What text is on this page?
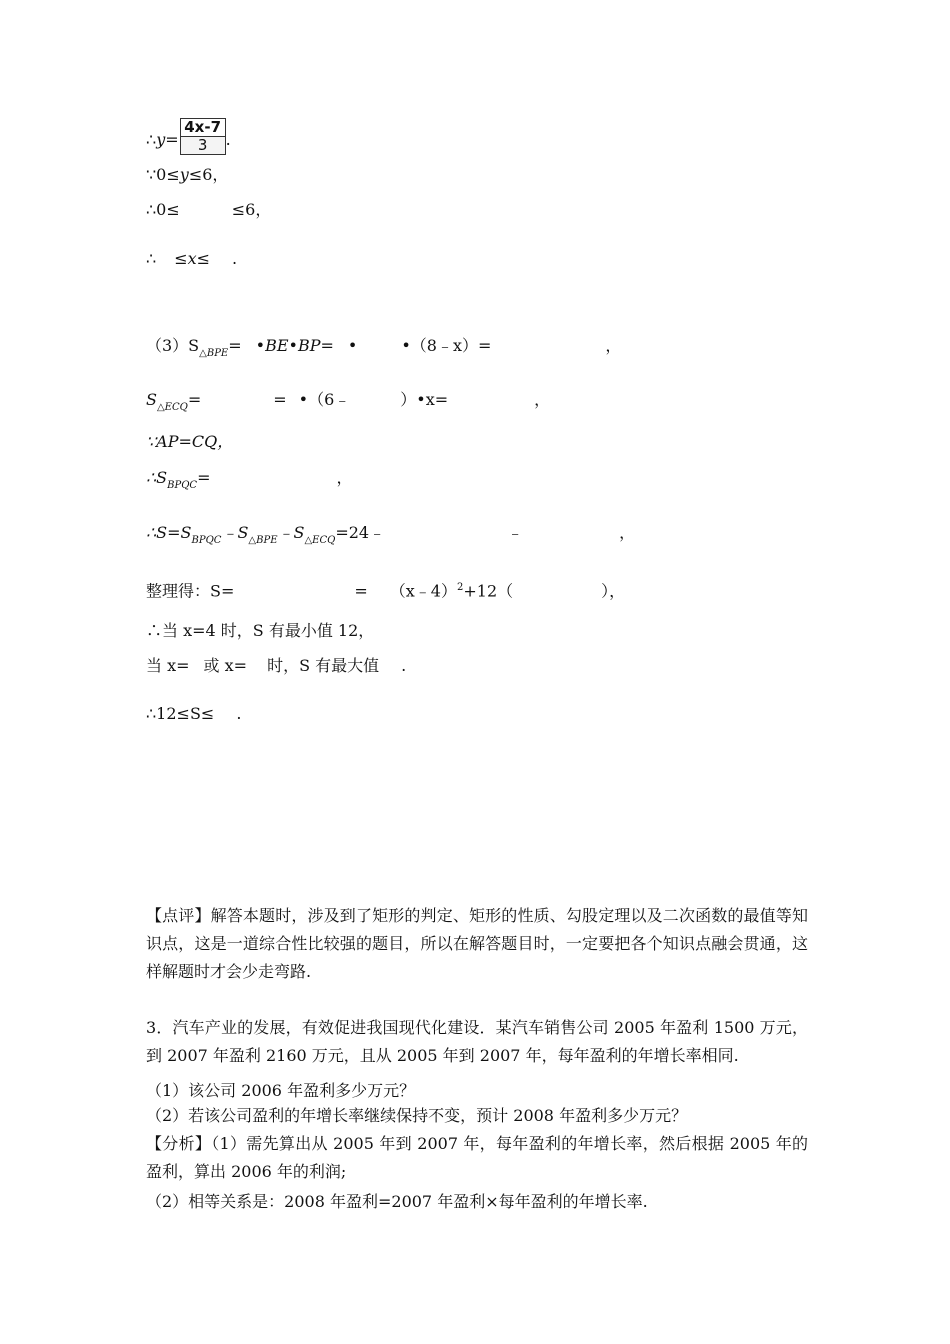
∴y= $\frac{4x-7}{3}$ .
∵0≤y≤6，
∴0≤	≤6，
∴ ≤x≤ .
$(3)S_{\triangle BPE}=$ •BE•BP= •	•（8﹣x）=	，
$S_{\triangle ECQ}=$	= •（6﹣	）•x=	，
∵AP=CQ，
$\therefore S_{BPQC}=$	，
$\therefore S=S_{BPQC}﹣S_{\triangle BPE}﹣S_{\triangle ECQ}=24﹣$	﹣	，
整理得：S=	= （x﹣4）$^2$+12（	），
∴当 x=4 时，S 有最小值 12，
当 x= 或 x= 时，S 有最大值 .
∴12≤S≤ .
【点评】解答本题时，涉及到了矩形的判定、矩形的性质、勾股定理以及二次函数的最值等知识点，这是一道综合性比较强的题目，所以在解答题目时，一定要把各个知识点融会贯通，这样解题时才会少走弯路.
3．汽车产业的发展，有效促进我国现代化建设．某汽车销售公司 2005 年盈利 1500 万元，到 2007 年盈利 2160 万元，且从 2005 年到 2007 年，每年盈利的年增长率相同.
（1）该公司 2006 年盈利多少万元？
（2）若该公司盈利的年增长率继续保持不变，预计 2008 年盈利多少万元？
【分析】（1）需先算出从 2005 年到 2007 年，每年盈利的年增长率，然后根据 2005 年的盈利，算出 2006 年的利润;
（2）相等关系是：2008 年盈利=2007 年盈利×每年盈利的年增长率.
